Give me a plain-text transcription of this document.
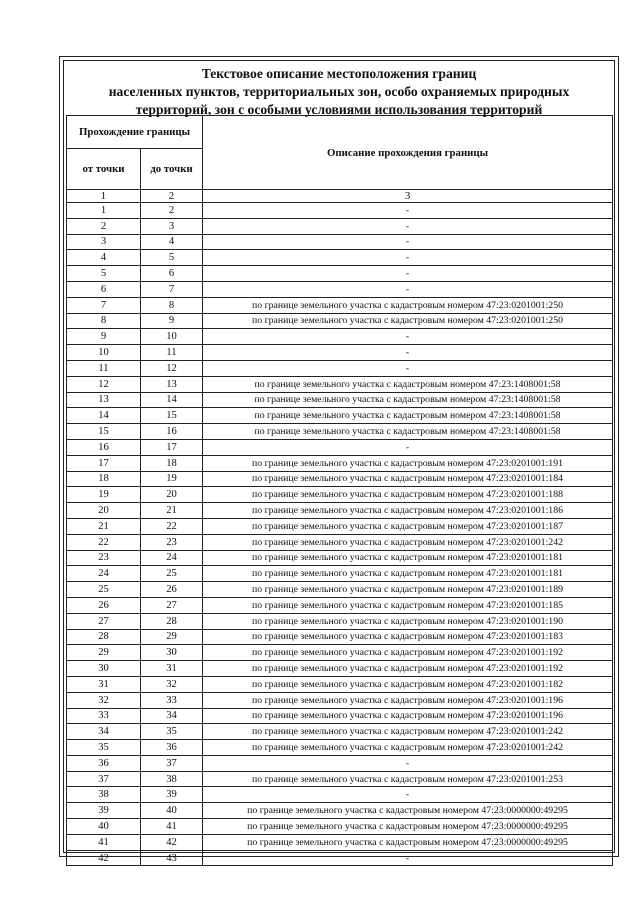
Текстовое описание местоположения границ
населенных пунктов, территориальных зон, особо охраняемых природных
территорий, зон с особыми условиями использования территорий
Прохождение границы		Описание прохождения границы
от точки	до точки	
1	2	3
1	2	-
2	3	-
3	4	-
4	5	-
5	6	-
6	7	-
7	8	по границе земельного участка с кадастровым номером 47:23:0201001:250
8	9	по границе земельного участка с кадастровым номером 47:23:0201001:250
9	10	-
10	11	-
11	12	-
12	13	по границе земельного участка с кадастровым номером 47:23:1408001:58
13	14	по границе земельного участка с кадастровым номером 47:23:1408001:58
14	15	по границе земельного участка с кадастровым номером 47:23:1408001:58
15	16	по границе земельного участка с кадастровым номером 47:23:1408001:58
16	17	-
17	18	по границе земельного участка с кадастровым номером 47:23:0201001:191
18	19	по границе земельного участка с кадастровым номером 47:23:0201001:184
19	20	по границе земельного участка с кадастровым номером 47:23:0201001:188
20	21	по границе земельного участка с кадастровым номером 47:23:0201001:186
21	22	по границе земельного участка с кадастровым номером 47:23:0201001:187
22	23	по границе земельного участка с кадастровым номером 47:23:0201001:242
23	24	по границе земельного участка с кадастровым номером 47:23:0201001:181
24	25	по границе земельного участка с кадастровым номером 47:23:0201001:181
25	26	по границе земельного участка с кадастровым номером 47:23:0201001:189
26	27	по границе земельного участка с кадастровым номером 47:23:0201001:185
27	28	по границе земельного участка с кадастровым номером 47:23:0201001:190
28	29	по границе земельного участка с кадастровым номером 47:23:0201001:183
29	30	по границе земельного участка с кадастровым номером 47:23:0201001:192
30	31	по границе земельного участка с кадастровым номером 47:23:0201001:192
31	32	по границе земельного участка с кадастровым номером 47:23:0201001:182
32	33	по границе земельного участка с кадастровым номером 47:23:0201001:196
33	34	по границе земельного участка с кадастровым номером 47:23:0201001:196
34	35	по границе земельного участка с кадастровым номером 47:23:0201001:242
35	36	по границе земельного участка с кадастровым номером 47:23:0201001:242
36	37	-
37	38	по границе земельного участка с кадастровым номером 47:23:0201001:253
38	39	-
39	40	по границе земельного участка с кадастровым номером 47:23:0000000:49295
40	41	по границе земельного участка с кадастровым номером 47:23:0000000:49295
41	42	по границе земельного участка с кадастровым номером 47:23:0000000:49295
42	43	-
